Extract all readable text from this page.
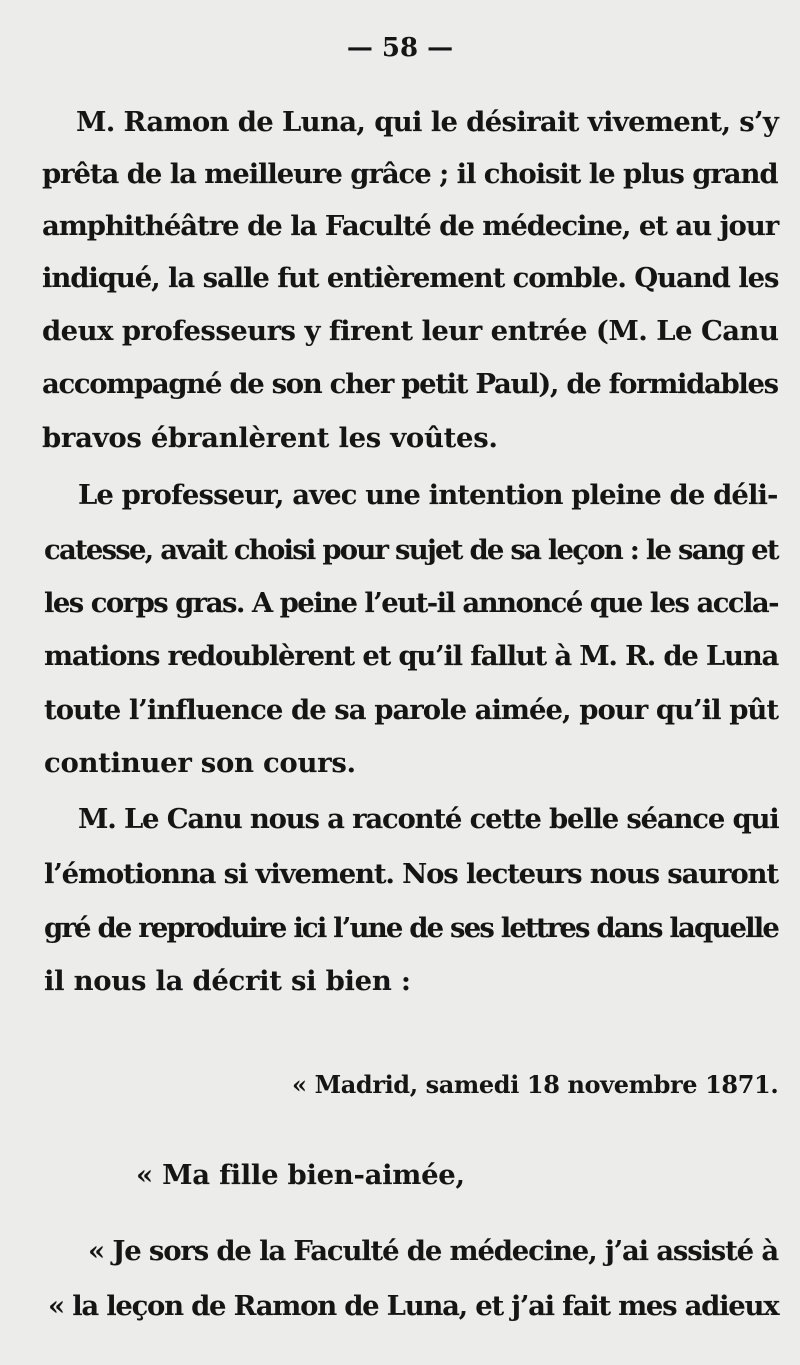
— 58 —

M. Ramon de Luna, qui le désirait vivement, s’y

prêta de la meilleure grâce ; il choisit le plus grand

amphithéâtre de la Faculté de médecine, et au jour

indiqué, la salle fut entièrement comble. Quand les

deux professeurs y firent leur entrée (M. Le Canu

accompagné de son cher petit Paul), de formidables

bravos ébranlèrent les voûtes.

Le professeur, avec une intention pleine de déli-

catesse, avait choisi pour sujet de sa leçon : le sang et

les corps gras. A peine l’eut-il annoncé que les accla-

mations redoublèrent et qu’il fallut à M. R. de Luna

toute l’influence de sa parole aimée, pour qu’il pût

continuer son cours.

M. Le Canu nous a raconté cette belle séance qui

l’émotionna si vivement. Nos lecteurs nous sauront

gré de reproduire ici l’une de ses lettres dans laquelle

il nous la décrit si bien :

« Madrid, samedi 18 novembre 1871.

« Ma fille bien-aimée,

« Je sors de la Faculté de médecine, j’ai assisté à

« la leçon de Ramon de Luna, et j’ai fait mes adieux
